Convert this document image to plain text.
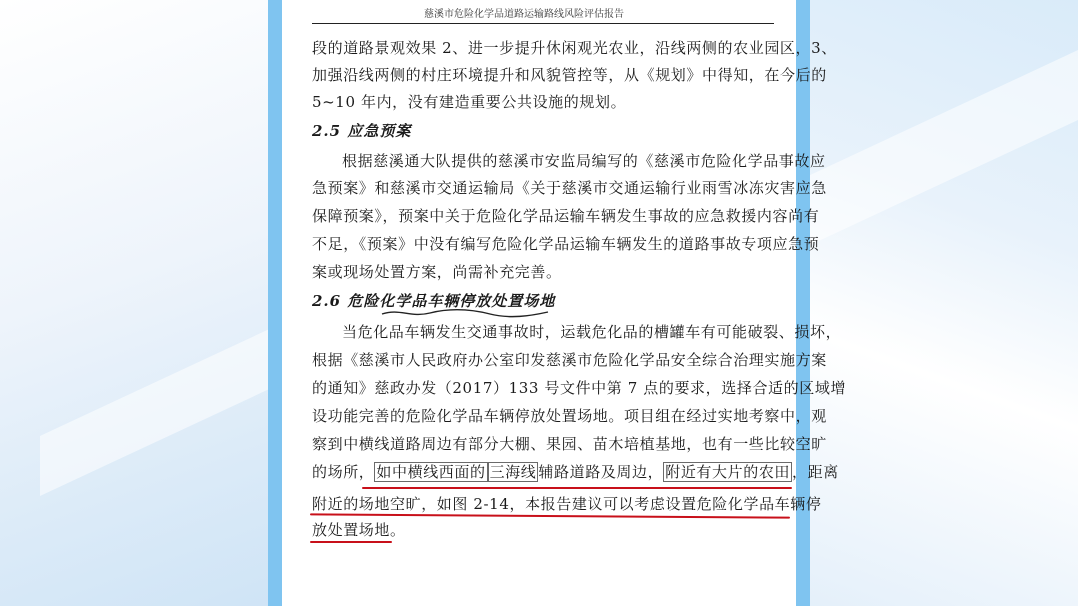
慈溪市危险化学品道路运输路线风险评估报告
段的道路景观效果 2、进一步提升休闲观光农业，沿线两侧的农业园区，3、
加强沿线两侧的村庄环境提升和风貌管控等，从《规划》中得知，在今后的
5~10 年内，没有建造重要公共设施的规划。
2.5 应急预案
根据慈溪通大队提供的慈溪市安监局编写的《慈溪市危险化学品事故应
急预案》和慈溪市交通运输局《关于慈溪市交通运输行业雨雪冰冻灾害应急
保障预案》，预案中关于危险化学品运输车辆发生事故的应急救援内容尚有
不足，《预案》中没有编写危险化学品运输车辆发生的道路事故专项应急预
案或现场处置方案，尚需补充完善。
2.6 危险化学品车辆停放处置场地
当危化品车辆发生交通事故时，运载危化品的槽罐车有可能破裂、损坏，
根据《慈溪市人民政府办公室印发慈溪市危险化学品安全综合治理实施方案
的通知》慈政办发（2017）133 号文件中第 7 点的要求，选择合适的区域增
设功能完善的危险化学品车辆停放处置场地。项目组在经过实地考察中，观
察到中横线道路周边有部分大棚、果园、苗木培植基地，也有一些比较空旷
的场所， 如中横线西面的 三海线 辅路道路及周边， 附近有大片的农田 ，距离
附近的场地空旷，如图 2-14，本报告建议可以考虑设置危险化学品车辆停
放处置场地。
